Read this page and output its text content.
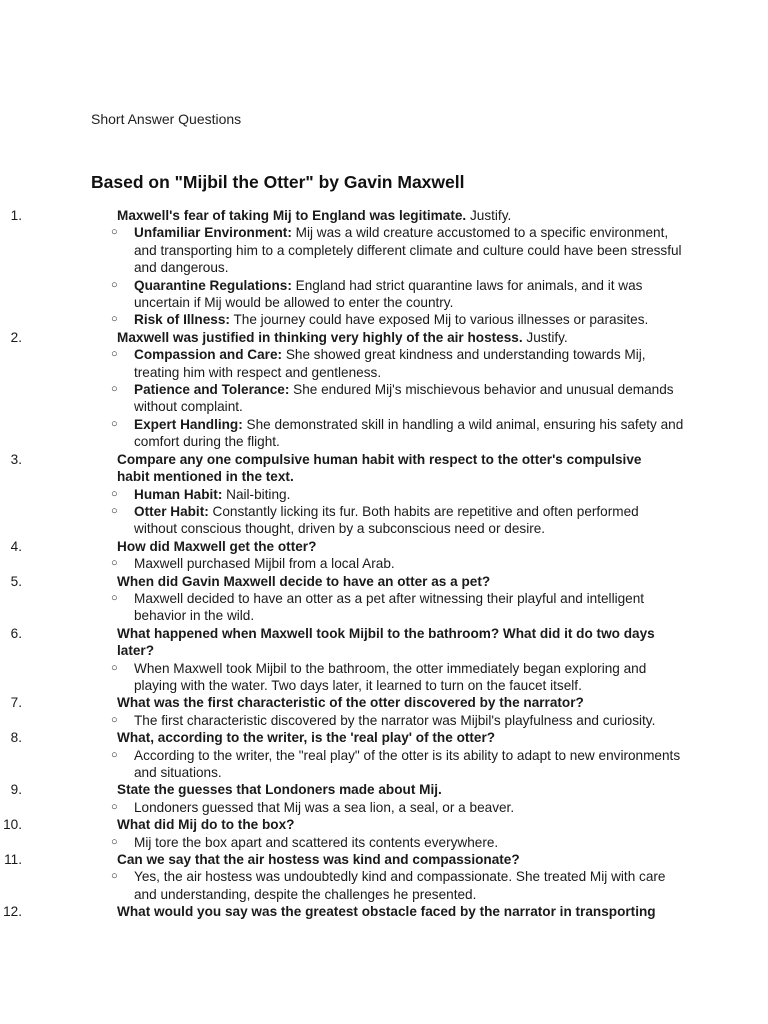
Short Answer Questions
Based on "Mijbil the Otter" by Gavin Maxwell
1.	Maxwell's fear of taking Mij to England was legitimate. Justify.
○ Unfamiliar Environment: Mij was a wild creature accustomed to a specific environment, and transporting him to a completely different climate and culture could have been stressful and dangerous.
○ Quarantine Regulations: England had strict quarantine laws for animals, and it was uncertain if Mij would be allowed to enter the country.
○ Risk of Illness: The journey could have exposed Mij to various illnesses or parasites.
2.	Maxwell was justified in thinking very highly of the air hostess. Justify.
○ Compassion and Care: She showed great kindness and understanding towards Mij, treating him with respect and gentleness.
○ Patience and Tolerance: She endured Mij's mischievous behavior and unusual demands without complaint.
○ Expert Handling: She demonstrated skill in handling a wild animal, ensuring his safety and comfort during the flight.
3.	Compare any one compulsive human habit with respect to the otter's compulsive habit mentioned in the text.
○ Human Habit: Nail-biting.
○ Otter Habit: Constantly licking its fur. Both habits are repetitive and often performed without conscious thought, driven by a subconscious need or desire.
4.	How did Maxwell get the otter?
○ Maxwell purchased Mijbil from a local Arab.
5.	When did Gavin Maxwell decide to have an otter as a pet?
○ Maxwell decided to have an otter as a pet after witnessing their playful and intelligent behavior in the wild.
6.	What happened when Maxwell took Mijbil to the bathroom? What did it do two days later?
○ When Maxwell took Mijbil to the bathroom, the otter immediately began exploring and playing with the water. Two days later, it learned to turn on the faucet itself.
7.	What was the first characteristic of the otter discovered by the narrator?
○ The first characteristic discovered by the narrator was Mijbil's playfulness and curiosity.
8.	What, according to the writer, is the 'real play' of the otter?
○ According to the writer, the "real play" of the otter is its ability to adapt to new environments and situations.
9.	State the guesses that Londoners made about Mij.
○ Londoners guessed that Mij was a sea lion, a seal, or a beaver.
10.	What did Mij do to the box?
○ Mij tore the box apart and scattered its contents everywhere.
11.	Can we say that the air hostess was kind and compassionate?
○ Yes, the air hostess was undoubtedly kind and compassionate. She treated Mij with care and understanding, despite the challenges he presented.
12.	What would you say was the greatest obstacle faced by the narrator in transporting
